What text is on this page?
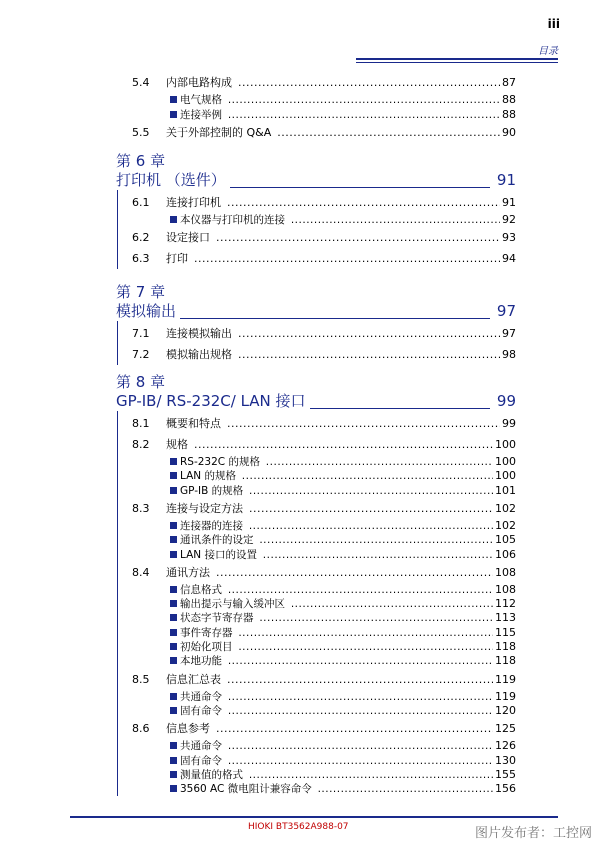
iii
目录
5.4 内部电路构成 .....	87
电气规格 .....	88
连接举例 .....	88
5.5 关于外部控制的 Q&A .....	90
第 6 章
打印机 （选件）	91
6.1 连接打印机 .....	91
本仪器与打印机的连接 .....	92
6.2 设定接口 .....	93
6.3 打印 .....	94
第 7 章
模拟输出	97
7.1 连接模拟输出 .....	97
7.2 模拟输出规格 .....	98
第 8 章
GP-IB/ RS-232C/ LAN 接口	99
8.1 概要和特点 .....	99
8.2 规格 .....	100
RS-232C 的规格 .....	100
LAN 的规格 .....	100
GP-IB 的规格 .....	101
8.3 连接与设定方法 .....	102
连接器的连接 .....	102
通讯条件的设定 .....	105
LAN 接口的设置 .....	106
8.4 通讯方法 .....	108
信息格式 .....	108
输出提示与输入缓冲区 .....	112
状态字节寄存器 .....	113
事件寄存器 .....	115
初始化项目 .....	118
本地功能 .....	118
8.5 信息汇总表 .....	119
共通命令 .....	119
固有命令 .....	120
8.6 信息参考 .....	125
共通命令 .....	126
固有命令 .....	130
测量值的格式 .....	155
3560 AC 微电阻计兼容命令 .....	156
HIOKI BT3562A988-07	图片发布者：工控网
